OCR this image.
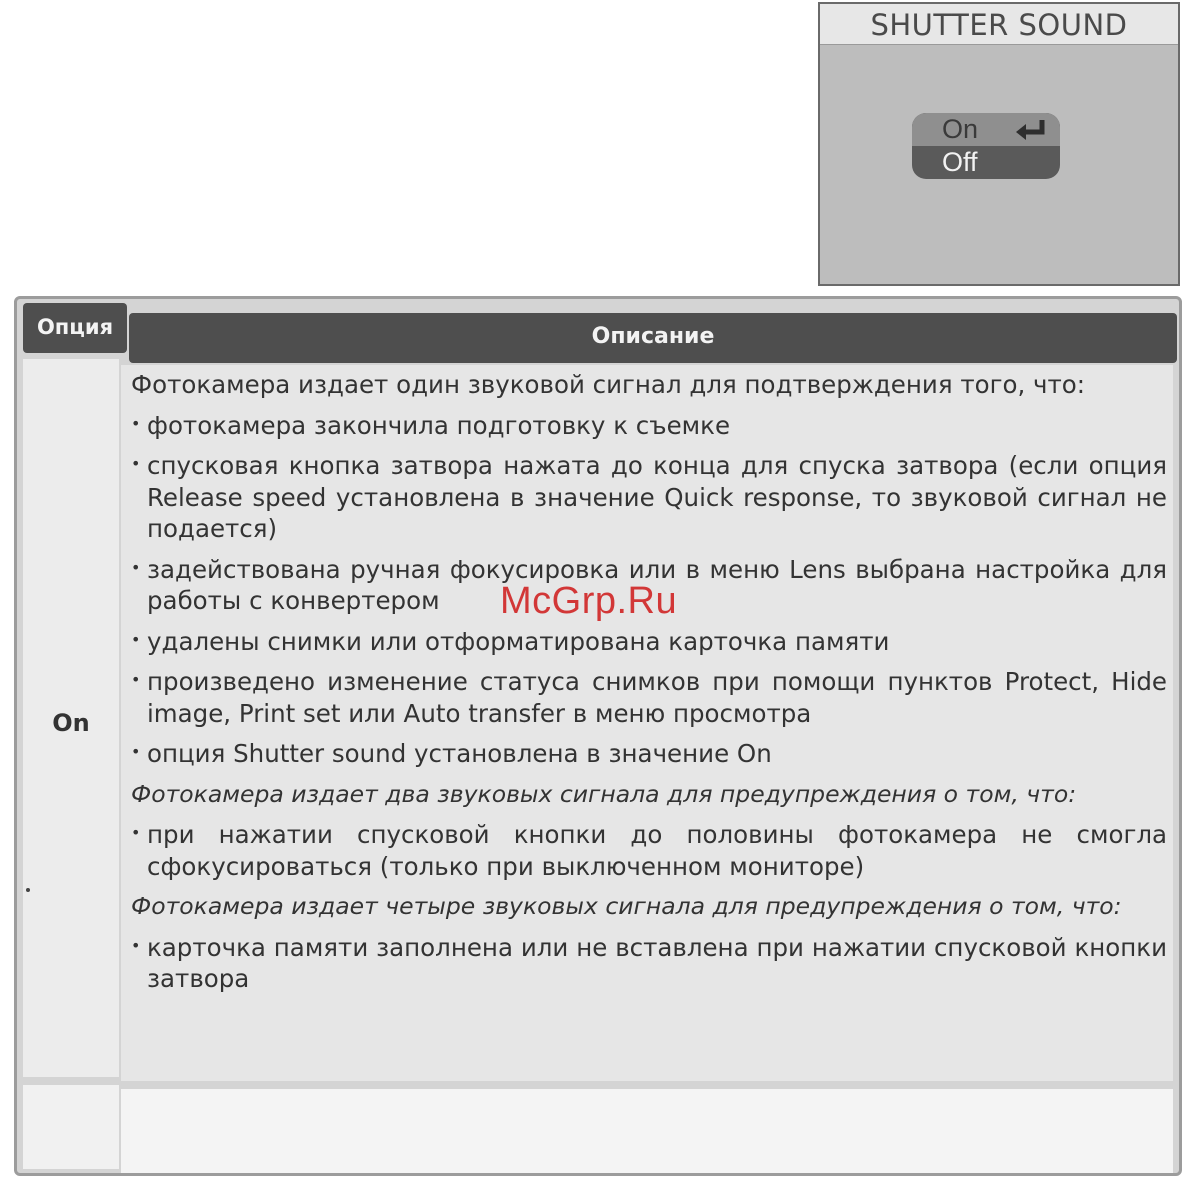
SHUTTER SOUND
On
Off
Опция	Описание
On
Фотокамера издает один звуковой сигнал для подтверждения того, что:
• фотокамера закончила подготовку к съемке
• спусковая кнопка затвора нажата до конца для спуска затвора (если опция Release speed установлена в значение Quick response, то звуковой сигнал не подается)
• задействована ручная фокусировка или в меню Lens выбрана настройка для работы с конвертером
• удалены снимки или отформатирована карточка памяти
• произведено изменение статуса снимков при помощи пунктов Protect, Hide image, Print set или Auto transfer в меню просмотра
• опция Shutter sound установлена в значение On
Фотокамера издает два звуковых сигнала для предупреждения о том, что:
• при нажатии спусковой кнопки до половины фотокамера не смогла сфокусироваться (только при выключенном мониторе)
Фотокамера издает четыре звуковых сигнала для предупреждения о том, что:
• карточка памяти заполнена или не вставлена при нажатии спусковой кнопки затвора
McGrp.Ru
